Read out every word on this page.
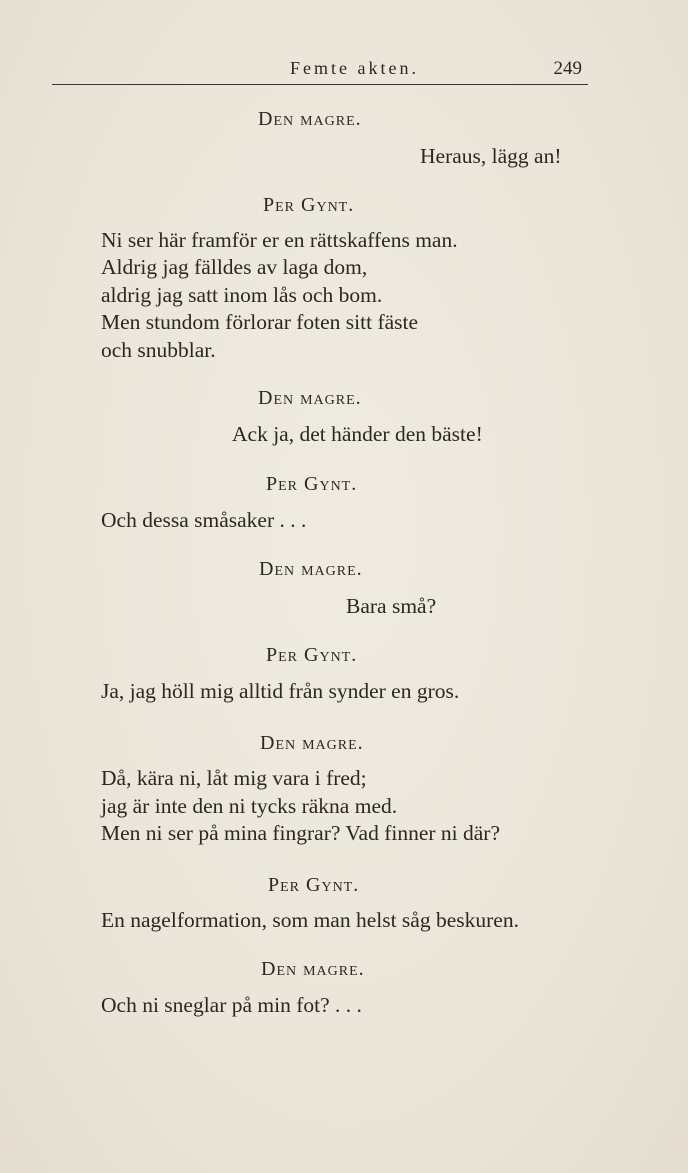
Femte akten.	249
Den magre.
Heraus, lägg an!
Per Gynt.
Ni ser här framför er en rättskaffens man.
Aldrig jag fälldes av laga dom,
aldrig jag satt inom lås och bom.
Men stundom förlorar foten sitt fäste
och snubblar.
Den magre.
Ack ja, det händer den bäste!
Per Gynt.
Och dessa småsaker . . .
Den magre.
Bara små?
Per Gynt.
Ja, jag höll mig alltid från synder en gros.
Den magre.
Då, kära ni, låt mig vara i fred;
jag är inte den ni tycks räkna med.
Men ni ser på mina fingrar? Vad finner ni där?
Per Gynt.
En nagelformation, som man helst såg beskuren.
Den magre.
Och ni sneglar på min fot? . . .
